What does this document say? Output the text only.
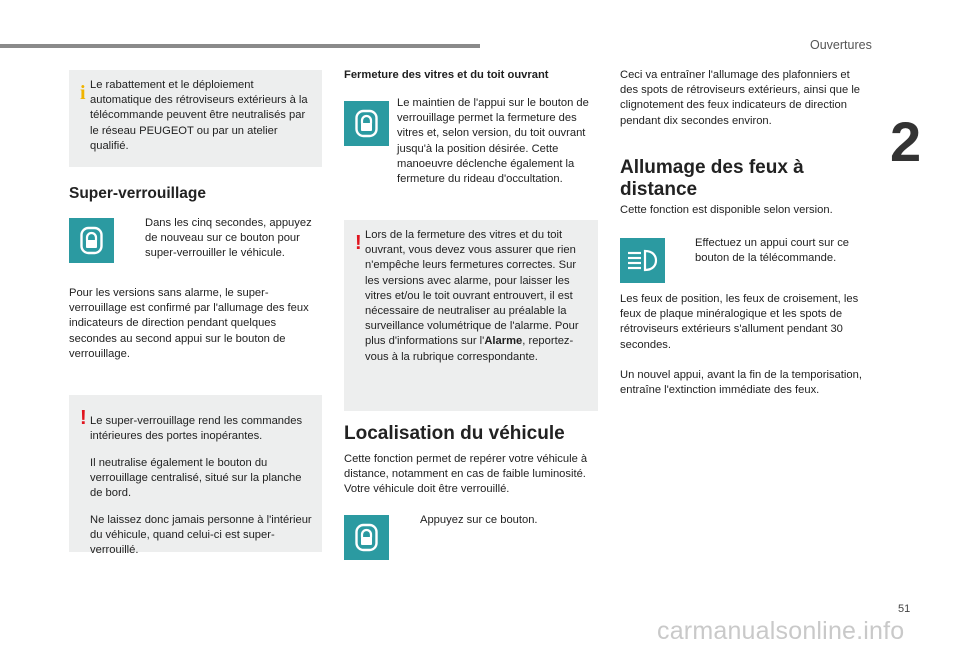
Ouvertures
2
i Le rabattement et le déploiement automatique des rétroviseurs extérieurs à la télécommande peuvent être neutralisés par le réseau PEUGEOT ou par un atelier qualifié.
Super-verrouillage
Dans les cinq secondes, appuyez de nouveau sur ce bouton pour super-verrouiller le véhicule.
Pour les versions sans alarme, le super-verrouillage est confirmé par l'allumage des feux indicateurs de direction pendant quelques secondes au second appui sur le bouton de verrouillage.
! Le super-verrouillage rend les commandes intérieures des portes inopérantes.

Il neutralise également le bouton du verrouillage centralisé, situé sur la planche de bord.

Ne laissez donc jamais personne à l'intérieur du véhicule, quand celui-ci est super-verrouillé.

Fermeture des vitres et du toit ouvrant
Le maintien de l'appui sur le bouton de verrouillage permet la fermeture des vitres et, selon version, du toit ouvrant jusqu'à la position désirée. Cette manoeuvre déclenche également la fermeture du rideau d'occultation.
! Lors de la fermeture des vitres et du toit ouvrant, vous devez vous assurer que rien n'empêche leurs fermetures correctes. Sur les versions avec alarme, pour laisser les vitres et/ou le toit ouvrant entrouvert, il est nécessaire de neutraliser au préalable la surveillance volumétrique de l'alarme. Pour plus d'informations sur l'Alarme, reportez-vous à la rubrique correspondante.
Localisation du véhicule
Cette fonction permet de repérer votre véhicule à distance, notamment en cas de faible luminosité. Votre véhicule doit être verrouillé.
Appuyez sur ce bouton.
Ceci va entraîner l'allumage des plafonniers et des spots de rétroviseurs extérieurs, ainsi que le clignotement des feux indicateurs de direction pendant dix secondes environ.
Allumage des feux à distance
Cette fonction est disponible selon version.
Effectuez un appui court sur ce bouton de la télécommande.
Les feux de position, les feux de croisement, les feux de plaque minéralogique et les spots de rétroviseurs extérieurs s'allument pendant 30 secondes.
Un nouvel appui, avant la fin de la temporisation, entraîne l'extinction immédiate des feux.
51
carmanualsonline.info
